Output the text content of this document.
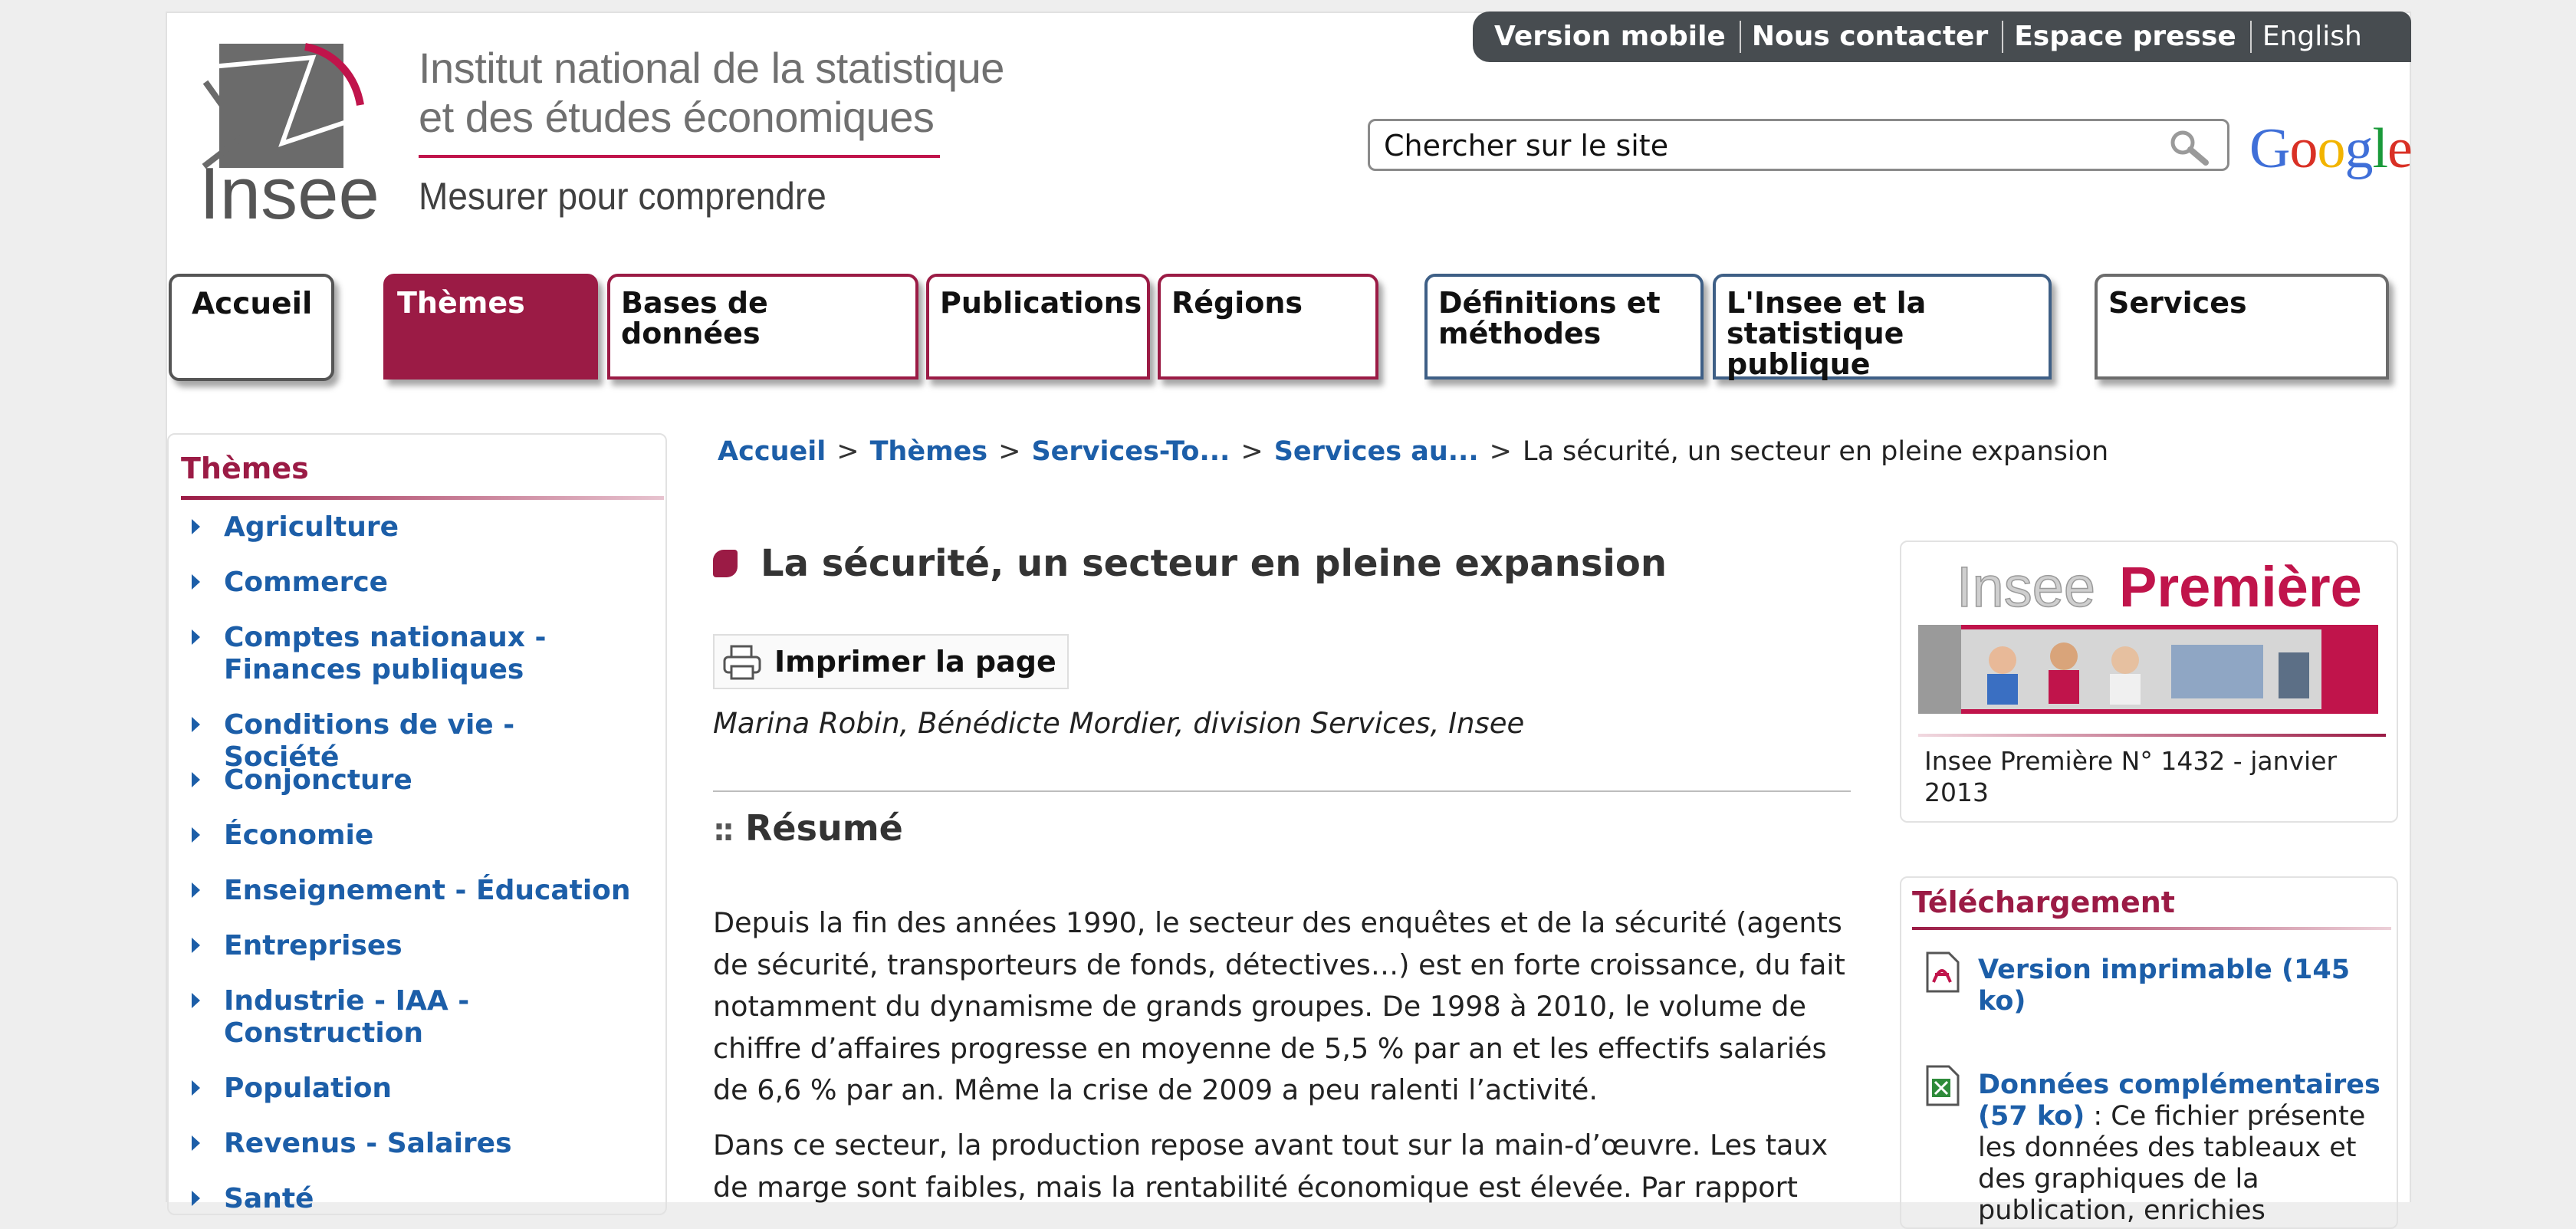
Insee
Institut national de la statistique
et des études économiques
Mesurer pour comprendre
Version mobile Nous contacter Espace presse English
Chercher sur le site
Google
Accueil	Thèmes	Bases de données
Publications	Régions	Définitions et méthodes
L'Insee et la statistique publique
Services
Thèmes
Agriculture
Commerce
Comptes nationaux - Finances publiques
Conditions de vie - Société
Conjoncture
Économie
Enseignement - Éducation
Entreprises
Industrie - IAA - Construction
Population
Revenus - Salaires
Santé
Accueil > Thèmes > Services-To... > Services au... > La sécurité, un secteur en pleine expansion
La sécurité, un secteur en pleine expansion
Imprimer la page
Marina Robin, Bénédicte Mordier, division Services, Insee
:: Résumé

Depuis la fin des années 1990, le secteur des enquêtes et de la sécurité (agents de sécurité, transporteurs de fonds, détectives…) est en forte croissance, du fait notamment du dynamisme de grands groupes. De 1998 à 2010, le volume de chiffre d’affaires progresse en moyenne de 5,5 % par an et les effectifs salariés de 6,6 % par an. Même la crise de 2009 a peu ralenti l’activité.

Dans ce secteur, la production repose avant tout sur la main-d’œuvre. Les taux de marge sont faibles, mais la rentabilité économique est élevée. Par rapport

Insee Première
Insee Première N° 1432 - janvier 2013
Téléchargement
Version imprimable (145 ko)
Données complémentaires (57 ko) : Ce fichier présente les données des tableaux et des graphiques de la publication, enrichies
